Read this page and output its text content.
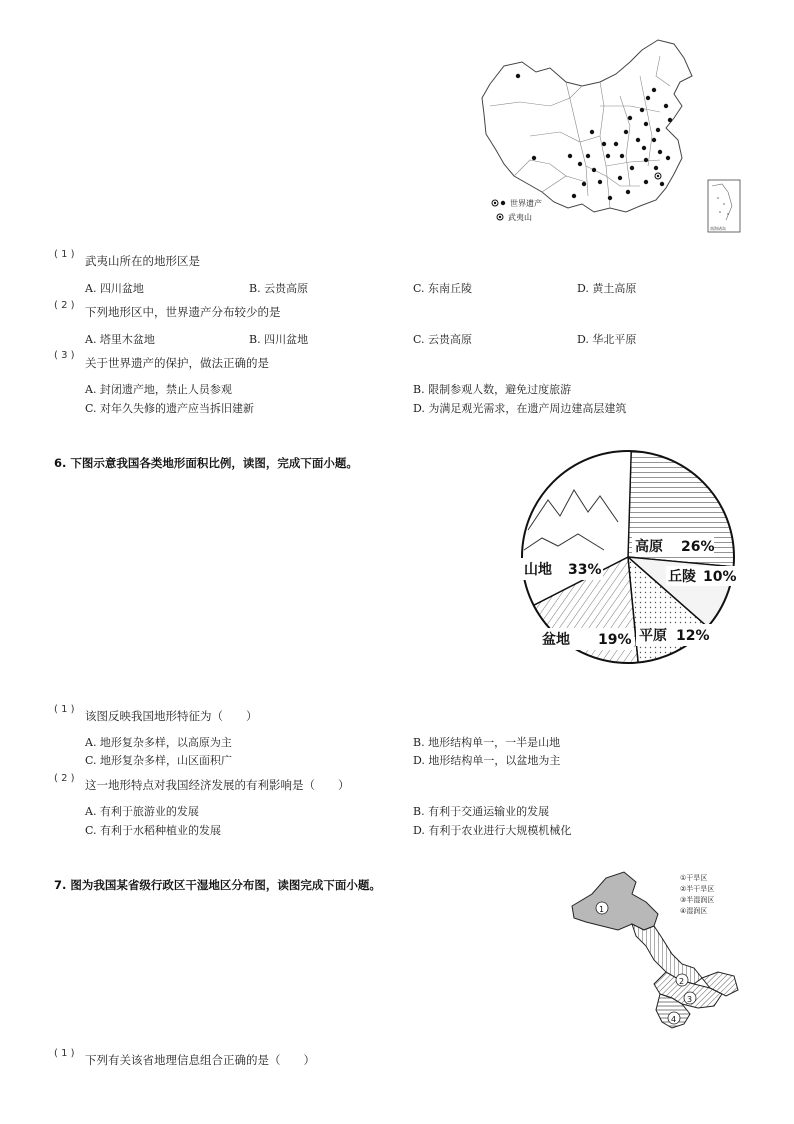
世界遗产
武夷山
南海诸岛
( 1 ) 武夷山所在的地形区是
A. 四川盆地	B. 云贵高原	C. 东南丘陵	D. 黄土高原
( 2 ) 下列地形区中，世界遗产分布较少的是
A. 塔里木盆地	B. 四川盆地	C. 云贵高原	D. 华北平原
( 3 )
关于世界遗产的保护，做法正确的是
A. 封闭遗产地，禁止人员参观	B. 限制参观人数，避免过度旅游
C. 对年久失修的遗产应当拆旧建新	D. 为满足观光需求，在遗产周边建高层建筑
6. 下图示意我国各类地形面积比例，读图，完成下面小题。
高原 26%
丘陵 10%
山地 33%
盆地 19% 平原 12%
( 1 ) 该图反映我国地形特征为（　　）
A. 地形复杂多样，以高原为主	B. 地形结构单一，一半是山地
C. 地形复杂多样，山区面积广	D. 地形结构单一，以盆地为主
( 2 ) 这一地形特点对我国经济发展的有利影响是（　　）
A. 有利于旅游业的发展	B. 有利于交通运输业的发展
C. 有利于水稻种植业的发展	D. 有利于农业进行大规模机械化
7. 图为我国某省级行政区干湿地区分布图，读图完成下面小题。
1
2
3
4
①干旱区
②半干旱区
③半湿润区
④湿润区
( 1 ) 下列有关该省地理信息组合正确的是（　　）
